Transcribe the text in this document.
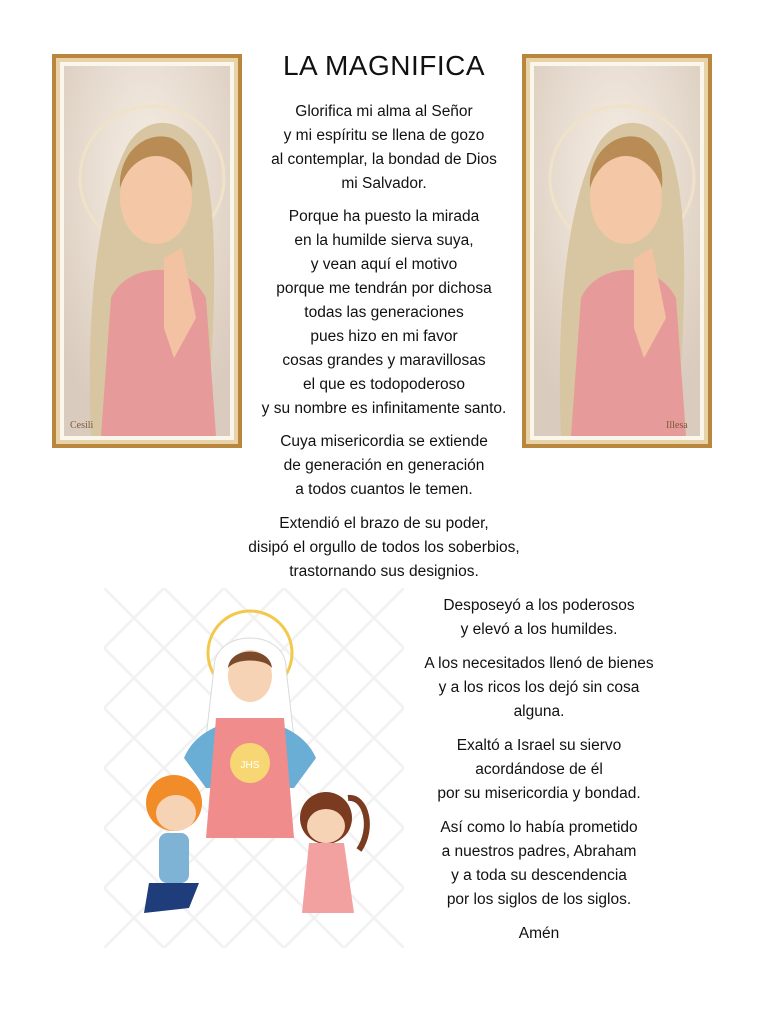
LA MAGNIFICA
Cesili	Illesa

Glorifica mi alma al Señor
y mi espíritu se llena de gozo
al contemplar, la bondad de Dios
mi Salvador.

Porque ha puesto la mirada
en la humilde sierva suya,
y vean aquí el motivo
porque me tendrán por dichosa
todas las generaciones
pues hizo en mi favor
cosas grandes y maravillosas
el que es todopoderoso
y su nombre es infinitamente santo.

Cuya misericordia se extiende
de generación en generación
a todos cuantos le temen.

Extendió el brazo de su poder,
disipó el orgullo de todos los soberbios,
trastornando sus designios.

JHS

Desposeyó a los poderosos
y elevó a los humildes.

A los necesitados llenó de bienes
y a los ricos los dejó sin cosa
alguna.

Exaltó a Israel su siervo
acordándose de él
por su misericordia y bondad.

Así como lo había prometido
a nuestros padres, Abraham
y a toda su descendencia
por los siglos de los siglos.

Amén
